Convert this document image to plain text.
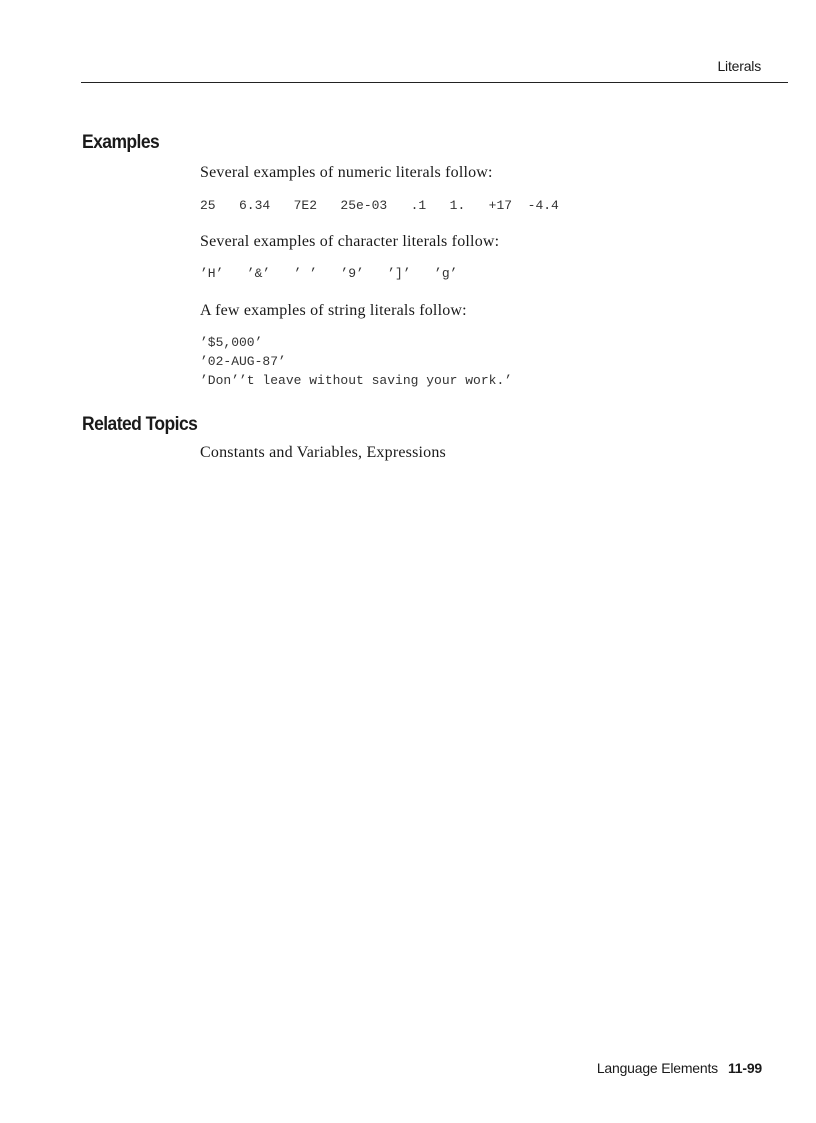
Literals
Examples

Several examples of numeric literals follow:

25   6.34   7E2   25e-03   .1   1.   +17  -4.4

Several examples of character literals follow:

’H’   ’&’   ’ ’   ’9’   ’]’   ’g’

A few examples of string literals follow:

’$5,000’
’02-AUG-87’
’Don’’t leave without saving your work.’
Related Topics

Constants and Variables, Expressions

Language Elements 11-99
